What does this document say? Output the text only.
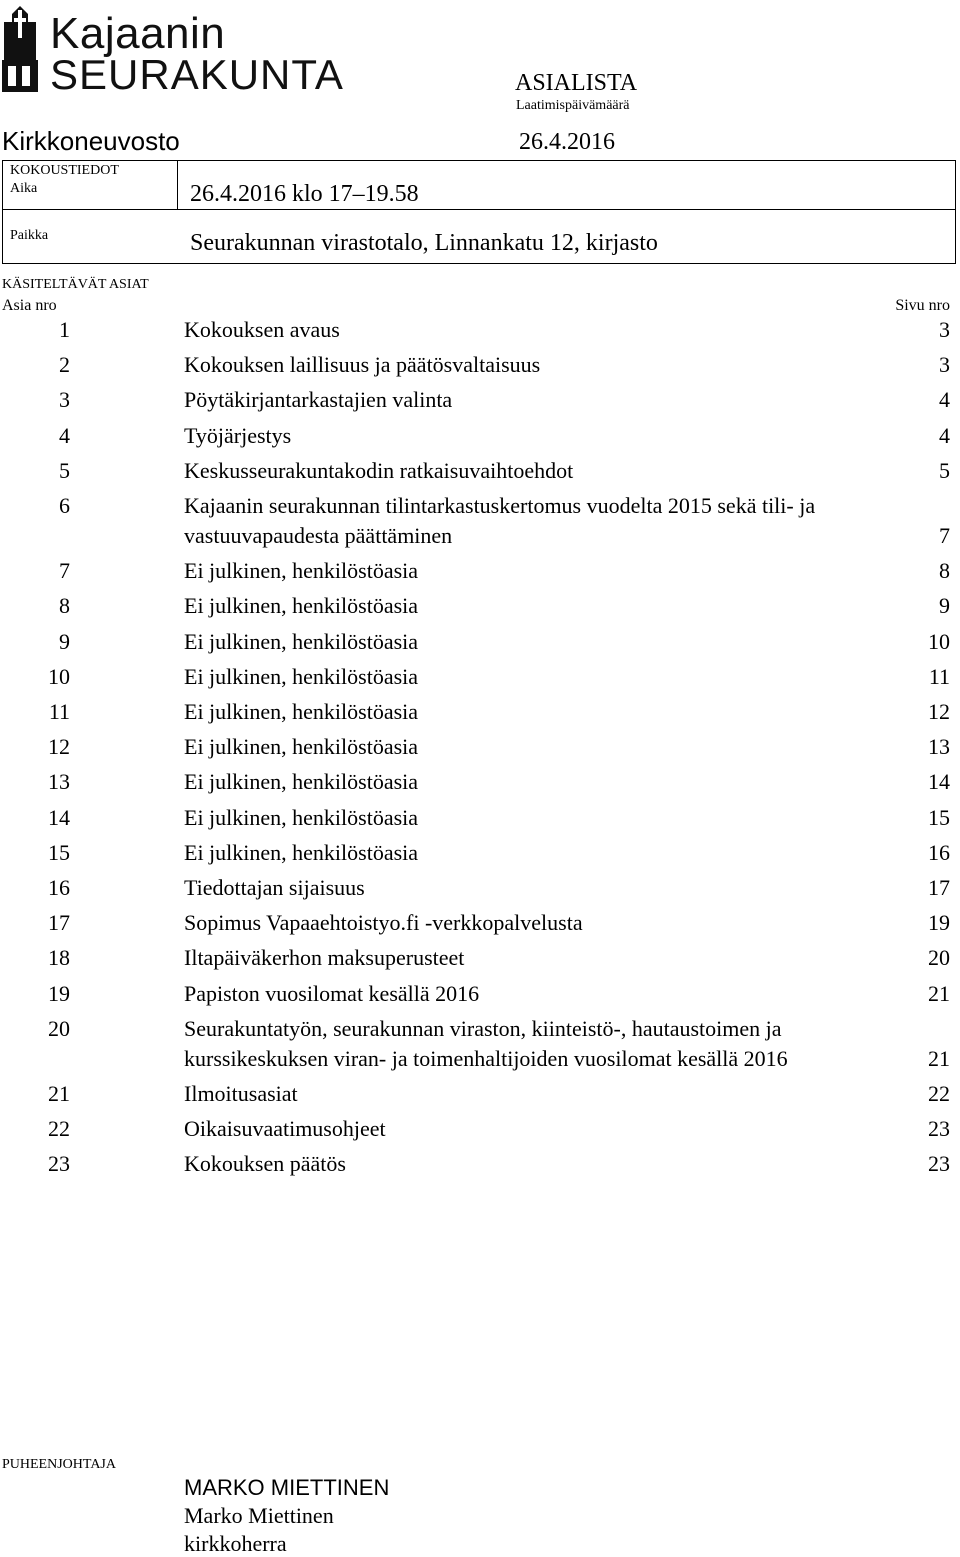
Kajaanin
SEURAKUNTA	ASIALISTA
Laatimispäivämäärä
Kirkkoneuvosto	26.4.2016
KOKOUSTIEDOT
Aika	26.4.2016 klo 17–19.58
Paikka	Seurakunnan virastotalo, Linnankatu 12, kirjasto
KÄSITELTÄVÄT ASIAT
Asia nro	Sivu nro
1	Kokouksen avaus	3
2	Kokouksen laillisuus ja päätösvaltaisuus	3
3	Pöytäkirjantarkastajien valinta	4
4	Työjärjestys	4
5	Keskusseurakuntakodin ratkaisuvaihtoehdot	5
6	Kajaanin seurakunnan tilintarkastuskertomus vuodelta 2015 sekä tili- ja
vastuuvapaudesta päättäminen	7
7	Ei julkinen, henkilöstöasia	8
8	Ei julkinen, henkilöstöasia	9
9	Ei julkinen, henkilöstöasia	10
10	Ei julkinen, henkilöstöasia	11
11	Ei julkinen, henkilöstöasia	12
12	Ei julkinen, henkilöstöasia	13
13	Ei julkinen, henkilöstöasia	14
14	Ei julkinen, henkilöstöasia	15
15	Ei julkinen, henkilöstöasia	16
16	Tiedottajan sijaisuus	17
17	Sopimus Vapaaehtoistyo.fi -verkkopalvelusta	19
18	Iltapäiväkerhon maksuperusteet	20
19	Papiston vuosilomat kesällä 2016	21
20	Seurakuntatyön, seurakunnan viraston, kiinteistö-, hautaustoimen ja
kurssikeskuksen viran- ja toimenhaltijoiden vuosilomat kesällä 2016	21
21	Ilmoitusasiat	22
22	Oikaisuvaatimusohjeet	23
23	Kokouksen päätös	23
PUHEENJOHTAJA
MARKO MIETTINEN
Marko Miettinen
kirkkoherra
